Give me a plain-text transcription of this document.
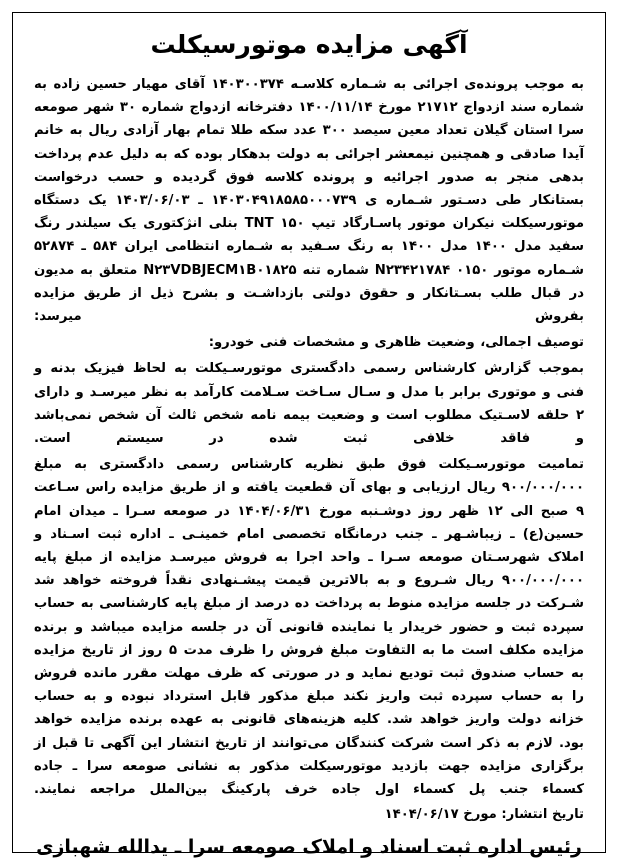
آگهی مزایده موتورسیکلت

به موجب پرونده‌ی اجرائی به شـماره کلاسـه ۱۴۰۳۰۰۳۷۴ آقای مهیار حسین زاده به شماره سند ازدواج ۲۱۷۱۲ مورخ ۱۴۰۰/۱۱/۱۴ دفترخانه ازدواج شماره ۳۰ شهر صومعه سرا استان گیلان تعداد معین سیصد ۳۰۰ عدد سکه طلا تمام بهار آزادی ریال به خانم آیدا صادقی و همچنین نیمعشر اجرائی به دولت بدهکار بوده که به دلیل عدم پرداخت بدهی منجر به صدور اجرائیه و پرونده کلاسه فوق گردیده و حسب درخواست بستانکار طی دسـتور شـماره ی ۱۴۰۳۰۴۹۱۸۵۸۵۰۰۰۷۳۹ ـ ۱۴۰۳/۰۶/۰۳ یک دستگاه موتورسیکلت نیکران موتور پاسـارگاد تیپ TNT ۱۵۰ بنلی انژکتوری یک سیلندر رنگ سفید مدل ۱۴۰۰ مدل ۱۴۰۰ به رنگ سـفید به شـماره انتظامی ایران ۵۸۴ ـ ۵۲۸۷۴ شـماره موتور N۲۳۴۲۱۷۸۴ ۰۱۵۰ شماره تنه N۲۳VDBJECM۱B۰۱۸۲۵ متعلق به مدیون در قبال طلب بسـتانکار و حقوق دولتی بازداشـت و بشرح ذیل از طریق مزایده بفروش میرسد:

توصیف اجمالی، وضعیت ظاهری و مشخصات فنی خودرو:

بموجب گزارش کارشناس رسمی دادگستری موتورسـیکلت به لحاظ فیزیک بدنه و فنی و موتوری برابر با مدل و سـال سـاخت سـلامت کارآمد به نظر میرسـد و دارای ۲ حلقه لاسـتیک مطلوب است و وضعیت بیمه نامه شخص ثالث آن شخص نمی‌باشد و فاقد خلافی ثبت شده در سیستم است.

تمامیت موتورسـیکلت فوق طبق نظریه کارشناس رسمی دادگستری به مبلغ ۹۰۰/۰۰۰/۰۰۰ ریال ارزیابی و بهای آن قطعیت یافته و از طریق مزایده راس سـاعت ۹ صبح الی ۱۲ ظهر روز دوشـنبه مورخ ۱۴۰۴/۰۶/۳۱ در صومعه سـرا ـ میدان امام حسین(ع) ـ زیباشـهر ـ جنب درمانگاه تخصصی امام خمینـی ـ اداره ثبت اسـناد و املاک شهرسـتان صومعه سـرا ـ واحد اجرا به فروش میرسـد مزایده از مبلغ پایه ۹۰۰/۰۰۰/۰۰۰ ریال شـروع و به بالاترین قیمت پیشـنهادی نقداً فروخته خواهد شد شـرکت در جلسه مزایده منوط به پرداخت ده درصد از مبلغ پایه کارشناسی به حساب سپرده ثبت و حضور خریدار یا نماینده قانونی آن در جلسه مزایده میباشد و برنده مزایده مکلف است ما به التفاوت مبلغ فروش را ظرف مدت ۵ روز از تاریخ مزایده به حساب صندوق ثبت تودیع نماید و در صورتی که ظرف مهلت مقرر مانده فروش را به حساب سپرده ثبت واریز نکند مبلغ مذکور قابل استرداد نبوده و به حساب خزانه دولت واریز خواهد شد. کلیه هزینه‌های قانونی به عهده برنده مزایده خواهد بود. لازم به ذکر است شرکت کنندگان می‌توانند از تاریخ انتشار این آگهی تا قبل از برگزاری مزایده جهت بازدید موتورسیکلت مذکور به نشانی صومعه سرا ـ جاده کسماء جنب پل کسماء اول جاده خرف پارکینگ بین‌الملل مراجعه نمایند.

تاریخ انتشار: مورخ ۱۴۰۴/۰۶/۱۷
رئیس اداره ثبت اسناد و املاک صومعه سرا ـ یدالله شهبازی
